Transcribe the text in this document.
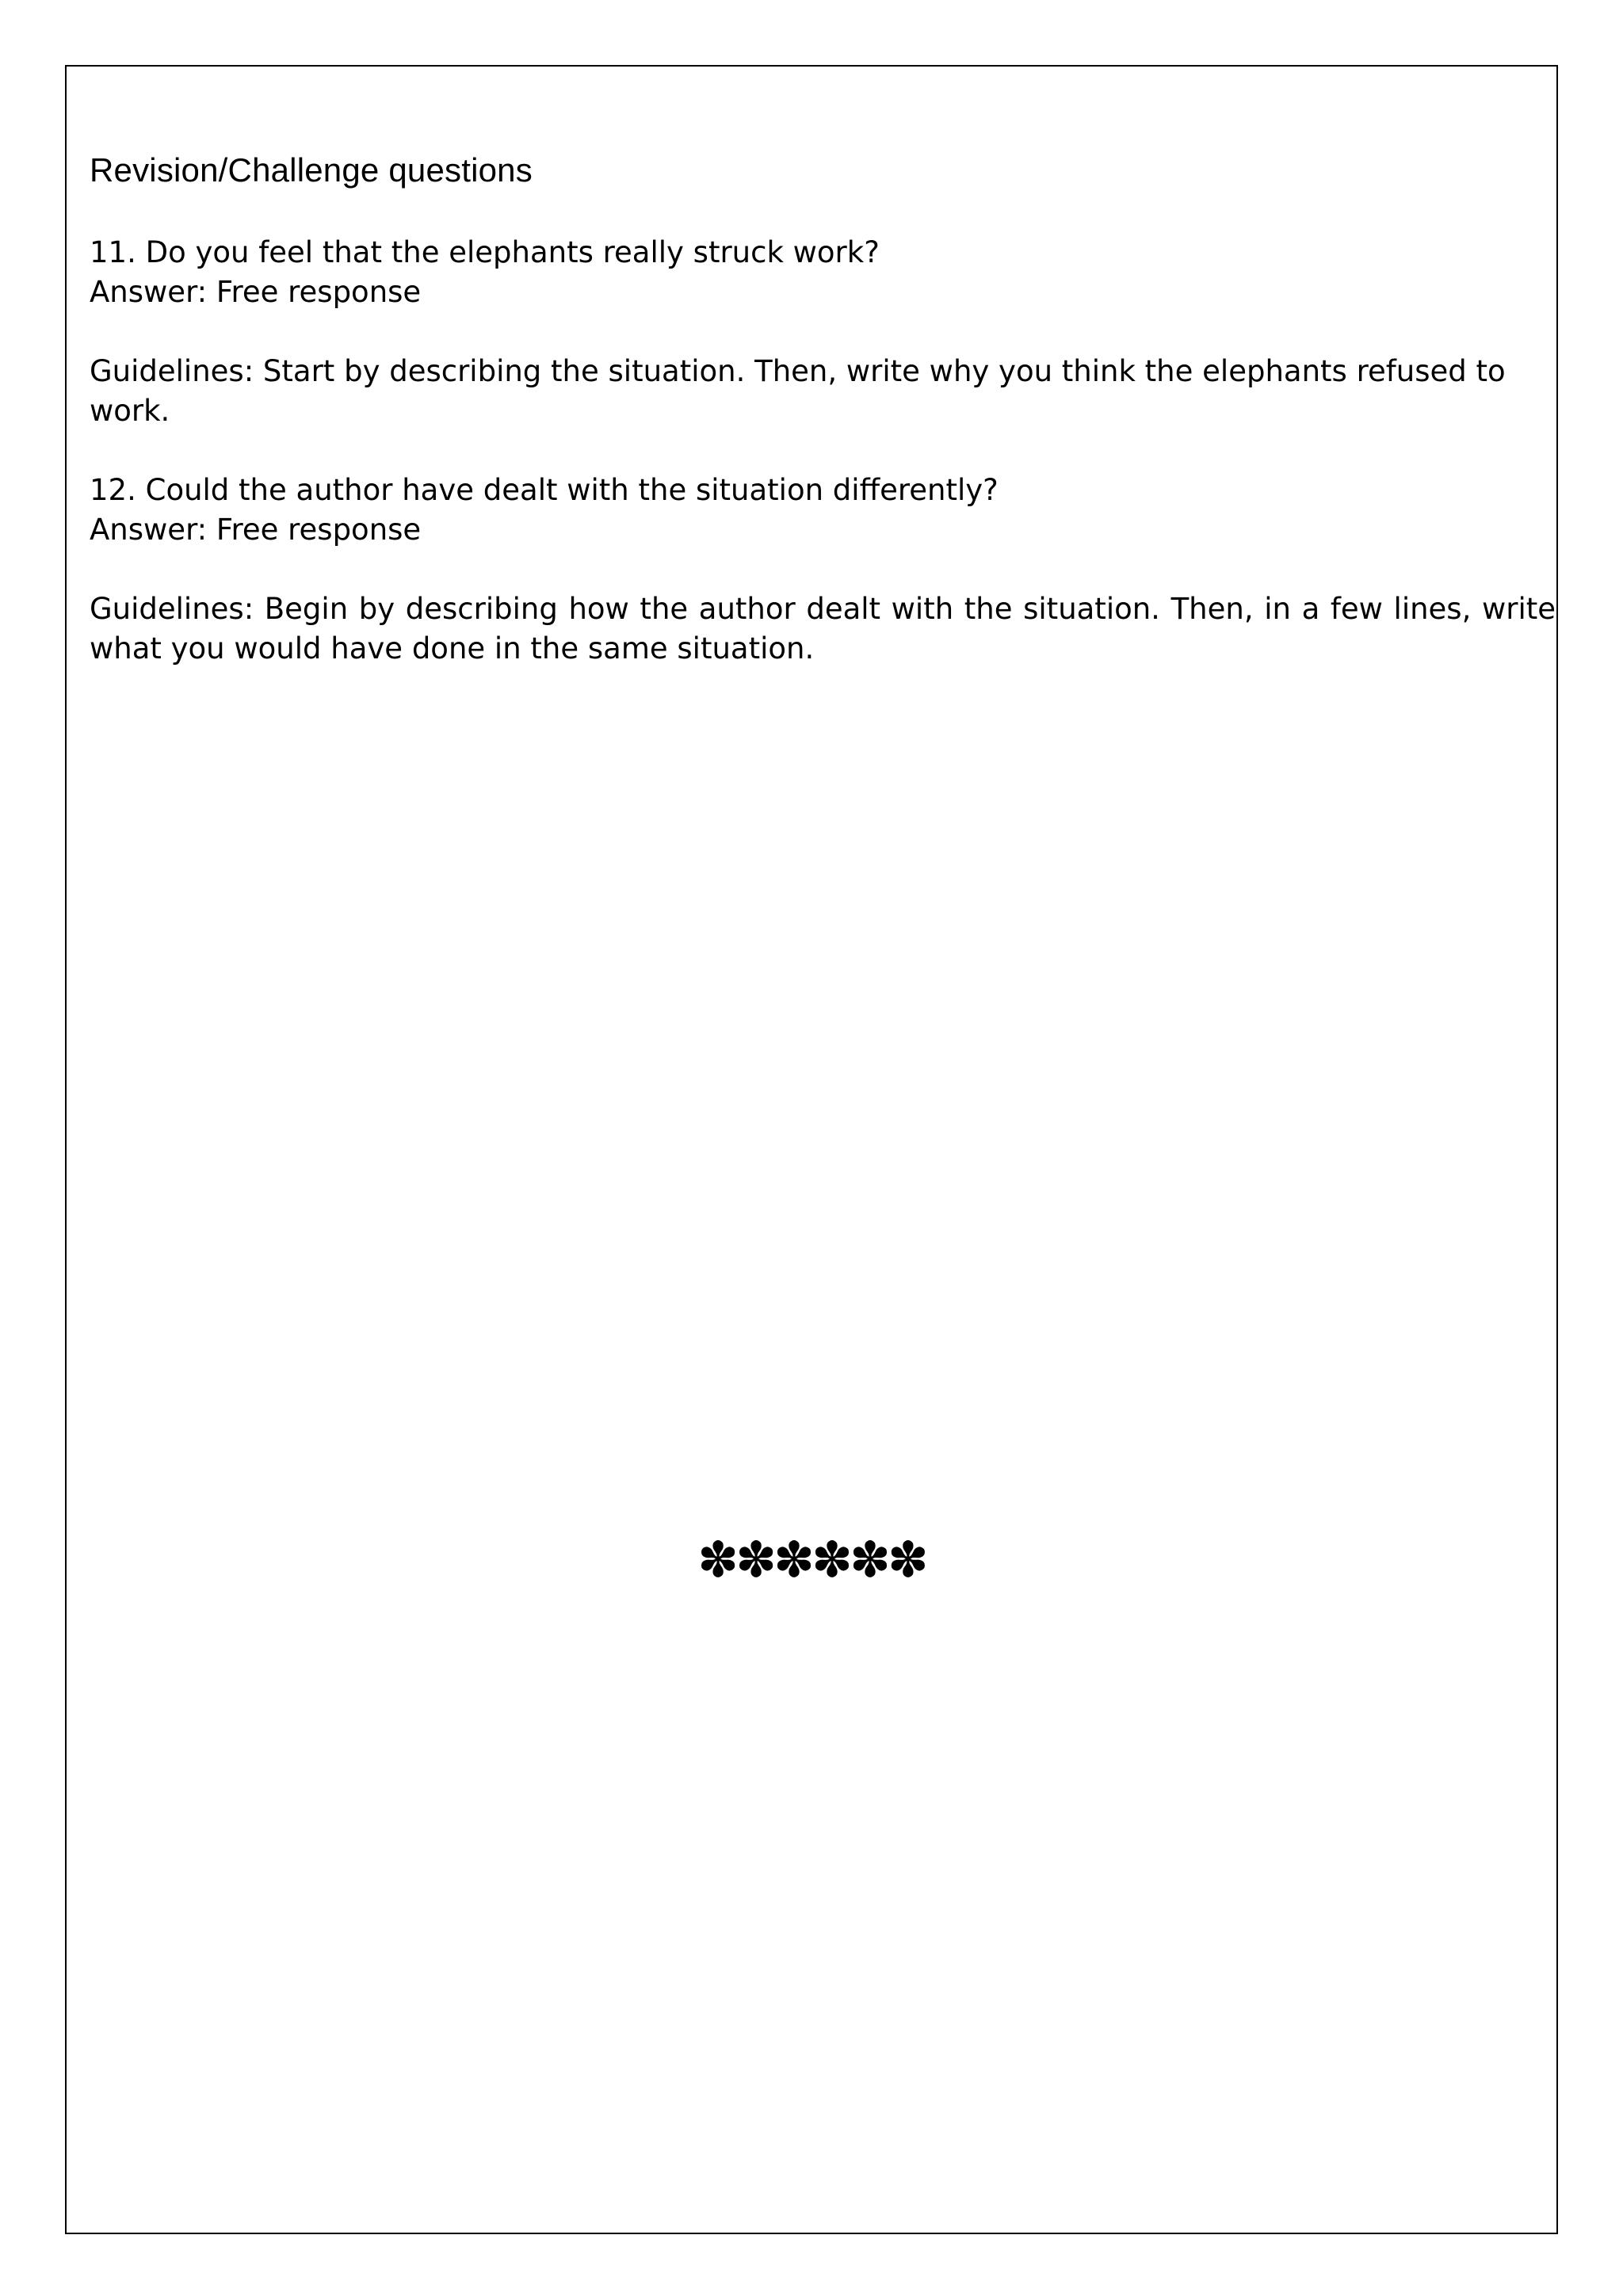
Revision/Challenge questions

11. Do you feel that the elephants really struck work?

Answer: Free response

Guidelines: Start by describing the situation. Then, write why you think the elephants refused to work.

12. Could the author have dealt with the situation differently?

Answer: Free response

Guidelines: Begin by describing how the author dealt with the situation. Then, in a few lines, write what you would have done in the same situation.

✽✽✽✽✽✽
